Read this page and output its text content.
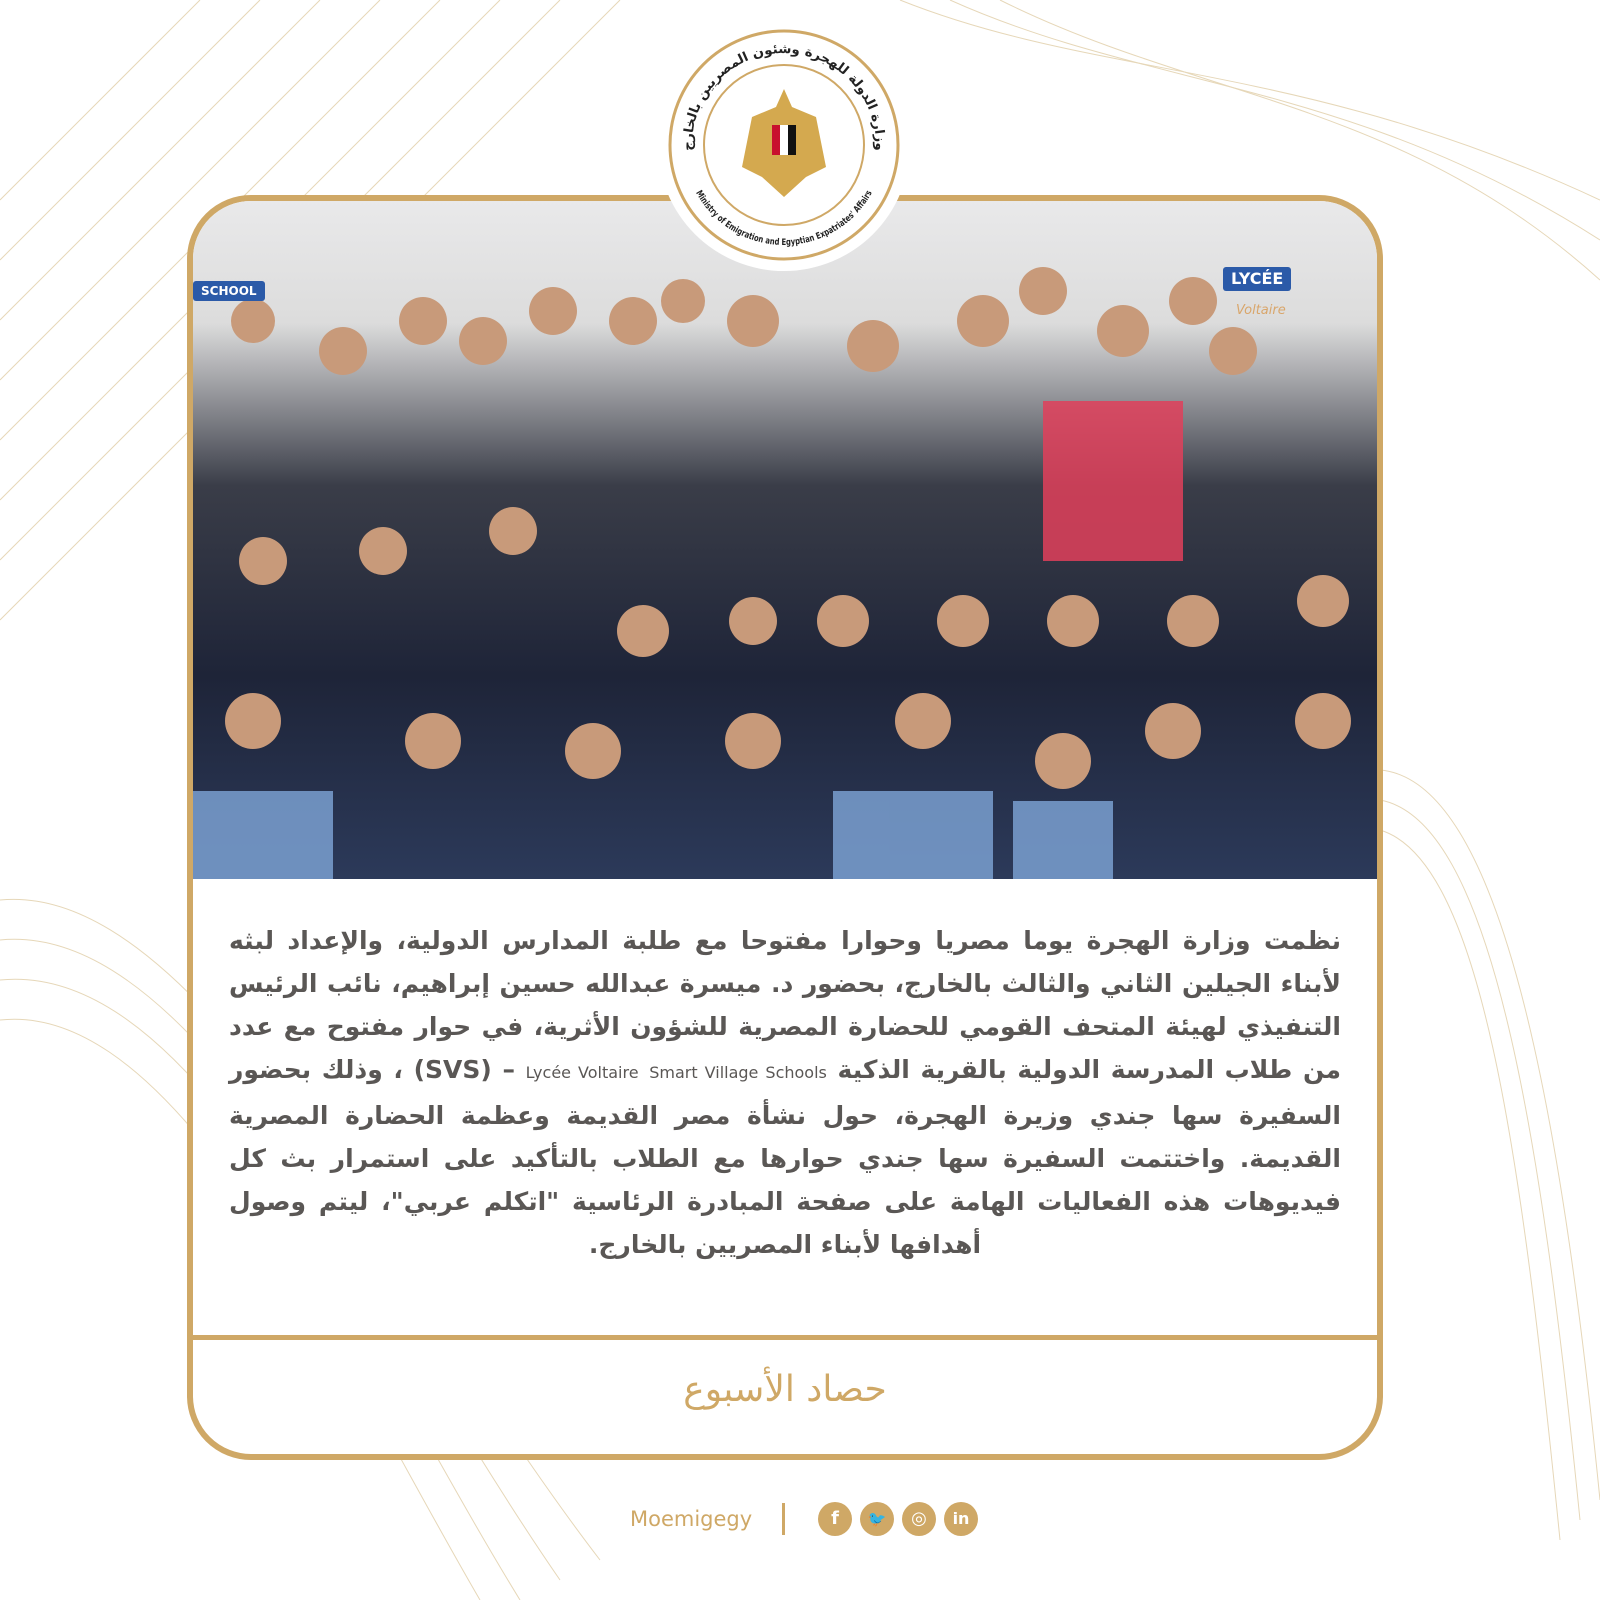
LYCÉE
Voltaire
SCHOOL
نظمت وزارة الهجرة يوما مصريا وحوارا مفتوحا مع طلبة المدارس الدولية، والإعداد لبثه لأبناء الجيلين الثاني والثالث بالخارج، بحضور د. ميسرة عبدالله حسين إبراهيم، نائب الرئيس التنفيذي لهيئة المتحف القومي للحضارة المصرية للشؤون الأثرية، في حوار مفتوح مع عدد من طلاب المدرسة الدولية بالقرية الذكية Smart Village Schools Lycée Voltaire – (SVS) ، وذلك بحضور السفيرة سها جندي وزيرة الهجرة، حول نشأة مصر القديمة وعظمة الحضارة المصرية القديمة. واختتمت السفيرة سها جندي حوارها مع الطلاب بالتأكيد على استمرار بث كل فيديوهات هذه الفعاليات الهامة على صفحة المبادرة الرئاسية "اتكلم عربي"، ليتم وصول أهدافها لأبناء المصريين بالخارج.
حصاد الأسبوع
Moemigegy	f	🐦	◎	in
وزارة الدولة للهجرة وشئون المصريين بالخارج
Ministry of Emigration and Egyptian Expatriates' Affairs
